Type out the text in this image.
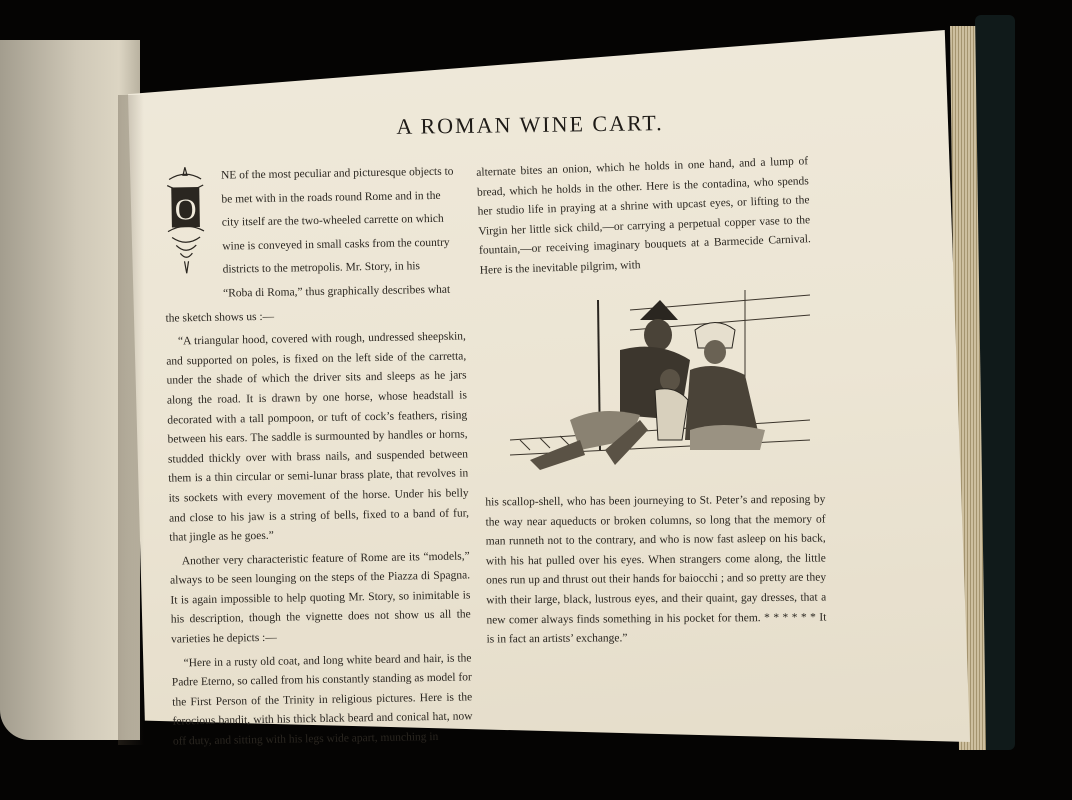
A ROMAN WINE CART.
O

NE of the most peculiar and picturesque objects to

be met with in the roads round Rome and in the

city itself are the two-wheeled carrette on which

wine is conveyed in small casks from the country

districts to the metropolis. Mr. Story, in his

“Roba di Roma,” thus graphically describes what

the sketch shows us :—

“A triangular hood, covered with rough, undressed sheepskin, and supported on poles, is fixed on the left side of the carretta, under the shade of which the driver sits and sleeps as he jars along the road. It is drawn by one horse, whose headstall is decorated with a tall pompoon, or tuft of cock’s feathers, rising between his ears. The saddle is surmounted by handles or horns, studded thickly over with brass nails, and suspended between them is a thin circular or semi-lunar brass plate, that revolves in its sockets with every movement of the horse. Under his belly and close to his jaw is a string of bells, fixed to a band of fur, that jingle as he goes.”

Another very characteristic feature of Rome are its “models,” always to be seen lounging on the steps of the Piazza di Spagna. It is again impossible to help quoting Mr. Story, so inimitable is his description, though the vignette does not show us all the varieties he depicts :—

“Here in a rusty old coat, and long white beard and hair, is the Padre Eterno, so called from his constantly standing as model for the First Person of the Trinity in religious pictures. Here is the ferocious bandit, with his thick black beard and conical hat, now off duty, and sitting with his legs wide apart, munching in

alternate bites an onion, which he holds in one hand, and a lump of bread, which he holds in the other. Here is the contadina, who spends her studio life in praying at a shrine with upcast eyes, or lifting to the Virgin her little sick child,—or carrying a perpetual copper vase to the fountain,—or receiving imaginary bouquets at a Barmecide Carnival. Here is the inevitable pilgrim, with

his scallop-shell, who has been journeying to St. Peter’s and reposing by the way near aqueducts or broken columns, so long that the memory of man runneth not to the contrary, and who is now fast asleep on his back, with his hat pulled over his eyes. When strangers come along, the little ones run up and thrust out their hands for baiocchi ; and so pretty are they with their large, black, lustrous eyes, and their quaint, gay dresses, that a new comer always finds something in his pocket for them. * * * * * * It is in fact an artists’ exchange.”
